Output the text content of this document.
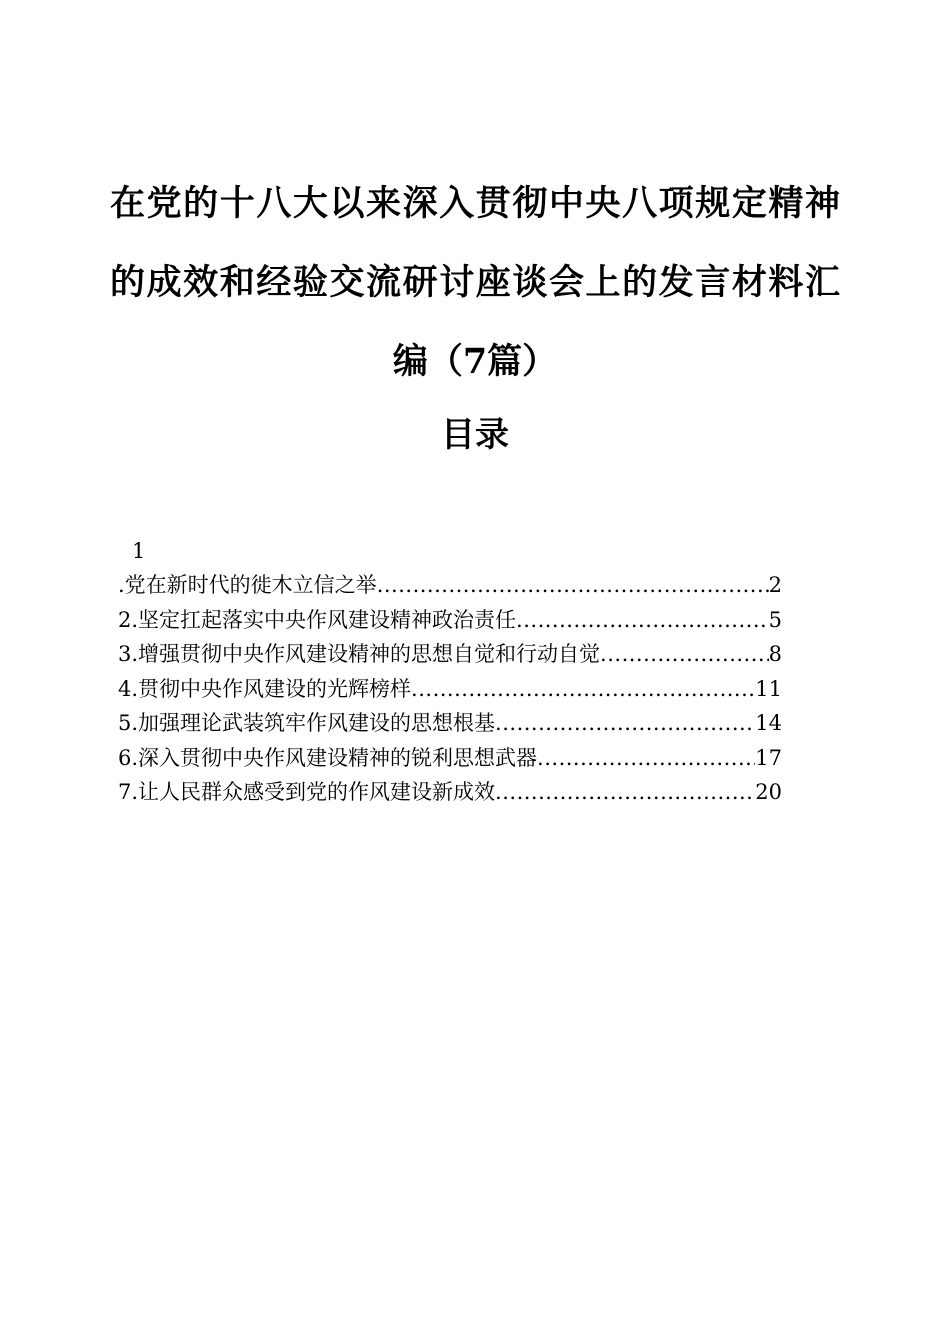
在党的十八大以来深入贯彻中央八项规定精神的成效和经验交流研讨座谈会上的发言材料汇编（7篇）
目录
1
.党在新时代的徙木立信之举 .....	2
2.坚定扛起落实中央作风建设精神政治责任 .....	5
3.增强贯彻中央作风建设精神的思想自觉和行动自觉 .....	8
4.贯彻中央作风建设的光辉榜样 .....	11
5.加强理论武装筑牢作风建设的思想根基 .....	14
6.深入贯彻中央作风建设精神的锐利思想武器 .....	17
7.让人民群众感受到党的作风建设新成效 .....	20
